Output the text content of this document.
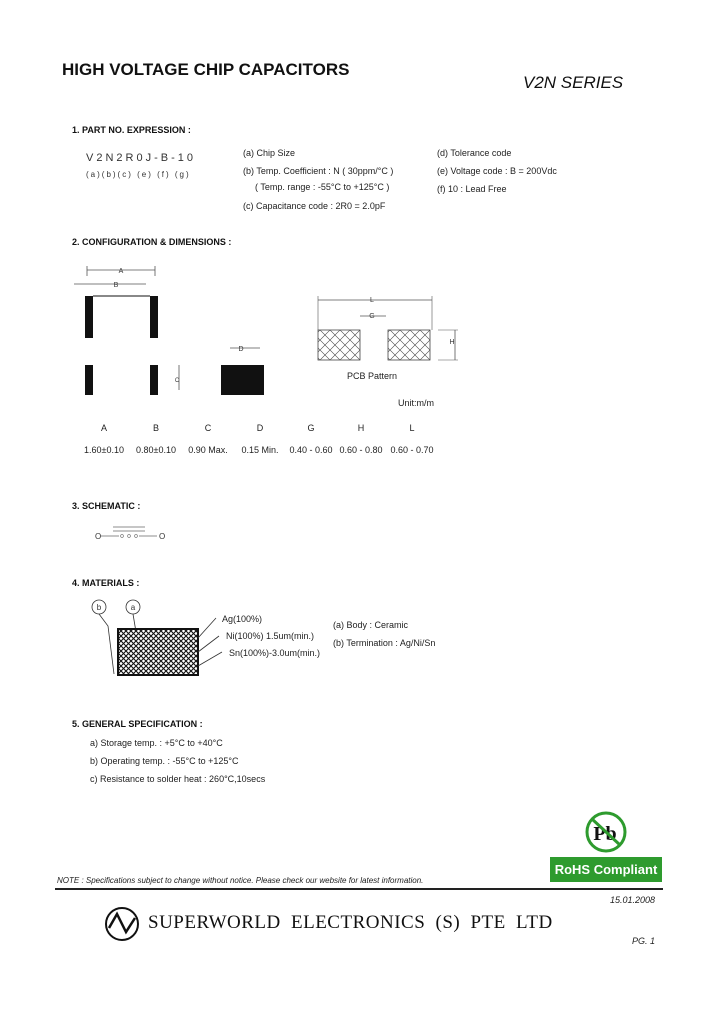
HIGH VOLTAGE CHIP CAPACITORS
V2N SERIES
1. PART NO. EXPRESSION :
V2N2R0J-B-10
(a)(b)(c) (e) (f) (g)
(a) Chip Size
(b) Temp. Coefficient : N ( 30ppm/°C )
( Temp. range : -55°C to +125°C )
(c) Capacitance code : 2R0 = 2.0pF
(d) Tolerance code
(e) Voltage code : B = 200Vdc
(f) 10 : Lead Free
2. CONFIGURATION & DIMENSIONS :
A
B
C
D
L
G
H
PCB Pattern
Unit:m/m
A	B	C	D	G	H	L
1.60±0.10	0.80±0.10	0.90 Max.	0.15 Min.	0.40 - 0.60	0.60 - 0.80	0.60 - 0.70
3. SCHEMATIC :
O	O
4. MATERIALS :
b	a
Ag(100%)
Ni(100%) 1.5um(min.)
Sn(100%)-3.0um(min.)
(a) Body : Ceramic
(b) Termination : Ag/Ni/Sn
5. GENERAL SPECIFICATION :
a) Storage temp. : +5°C to +40°C
b) Operating temp. : -55°C to +125°C
c) Resistance to solder heat : 260°C,10secs
Pb
RoHS Compliant
NOTE : Specifications subject to change without notice. Please check our website for latest information.
15.01.2008
SUPERWORLD ELECTRONICS (S) PTE LTD
PG. 1
